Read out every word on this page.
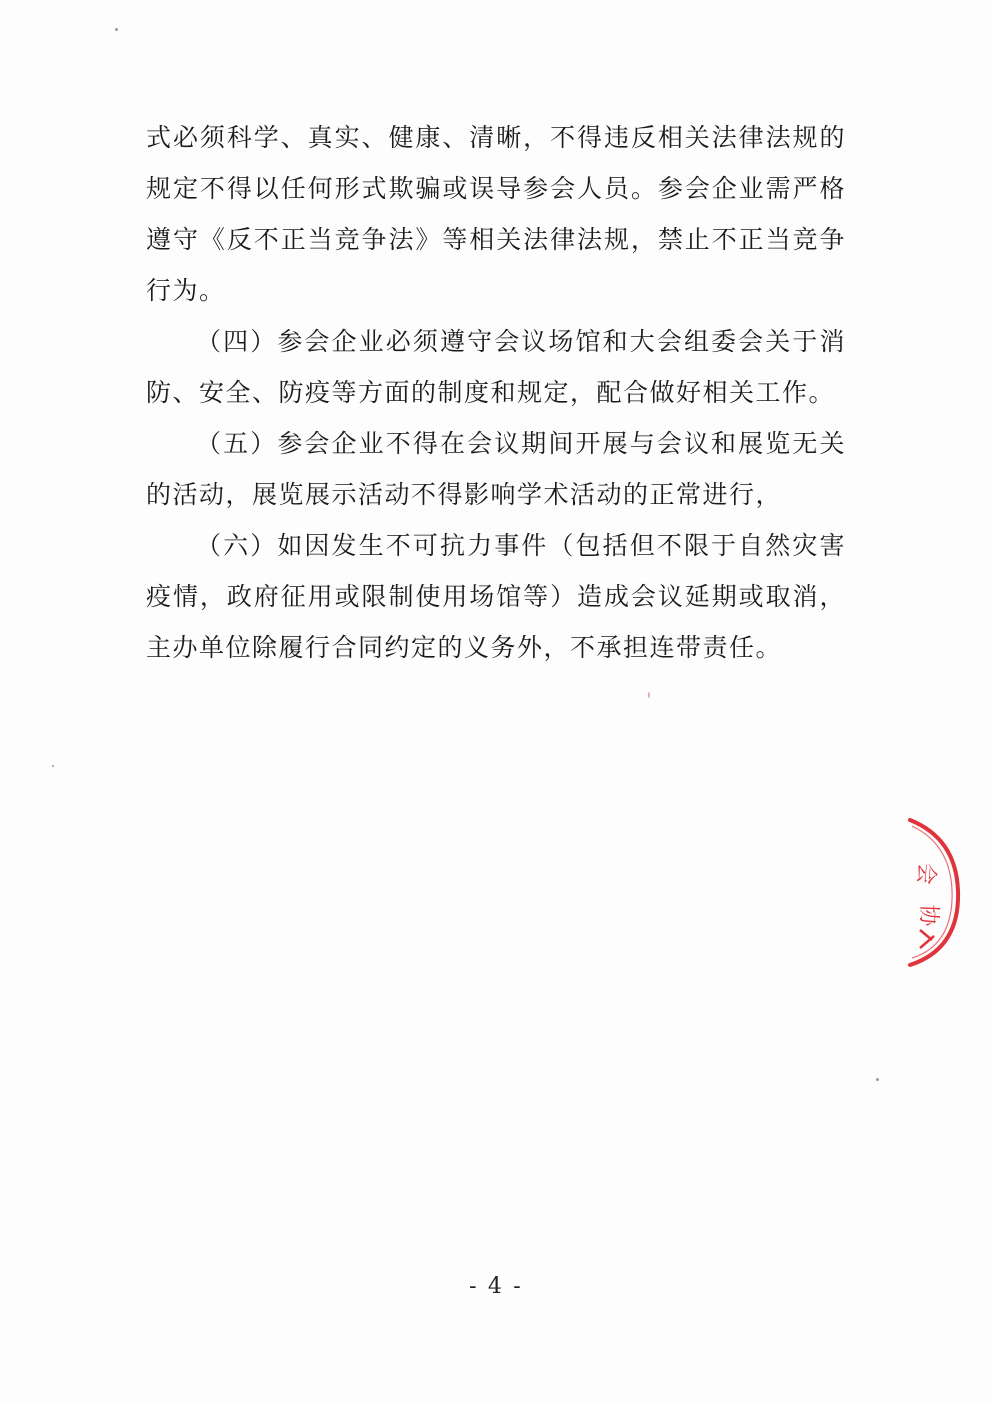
式必须科学、真实、健康、清晰，不得违反相关法律法规的
规定不得以任何形式欺骗或误导参会人员。参会企业需严格
遵守《反不正当竞争法》等相关法律法规，禁止不正当竞争
行为。
（四）参会企业必须遵守会议场馆和大会组委会关于消
防、安全、防疫等方面的制度和规定，配合做好相关工作。
（五）参会企业不得在会议期间开展与会议和展览无关
的活动，展览展示活动不得影响学术活动的正常进行，
（六）如因发生不可抗力事件（包括但不限于自然灾害
疫情，政府征用或限制使用场馆等）造成会议延期或取消，
主办单位除履行合同约定的义务外，不承担连带责任。
会
协
- 4 -
